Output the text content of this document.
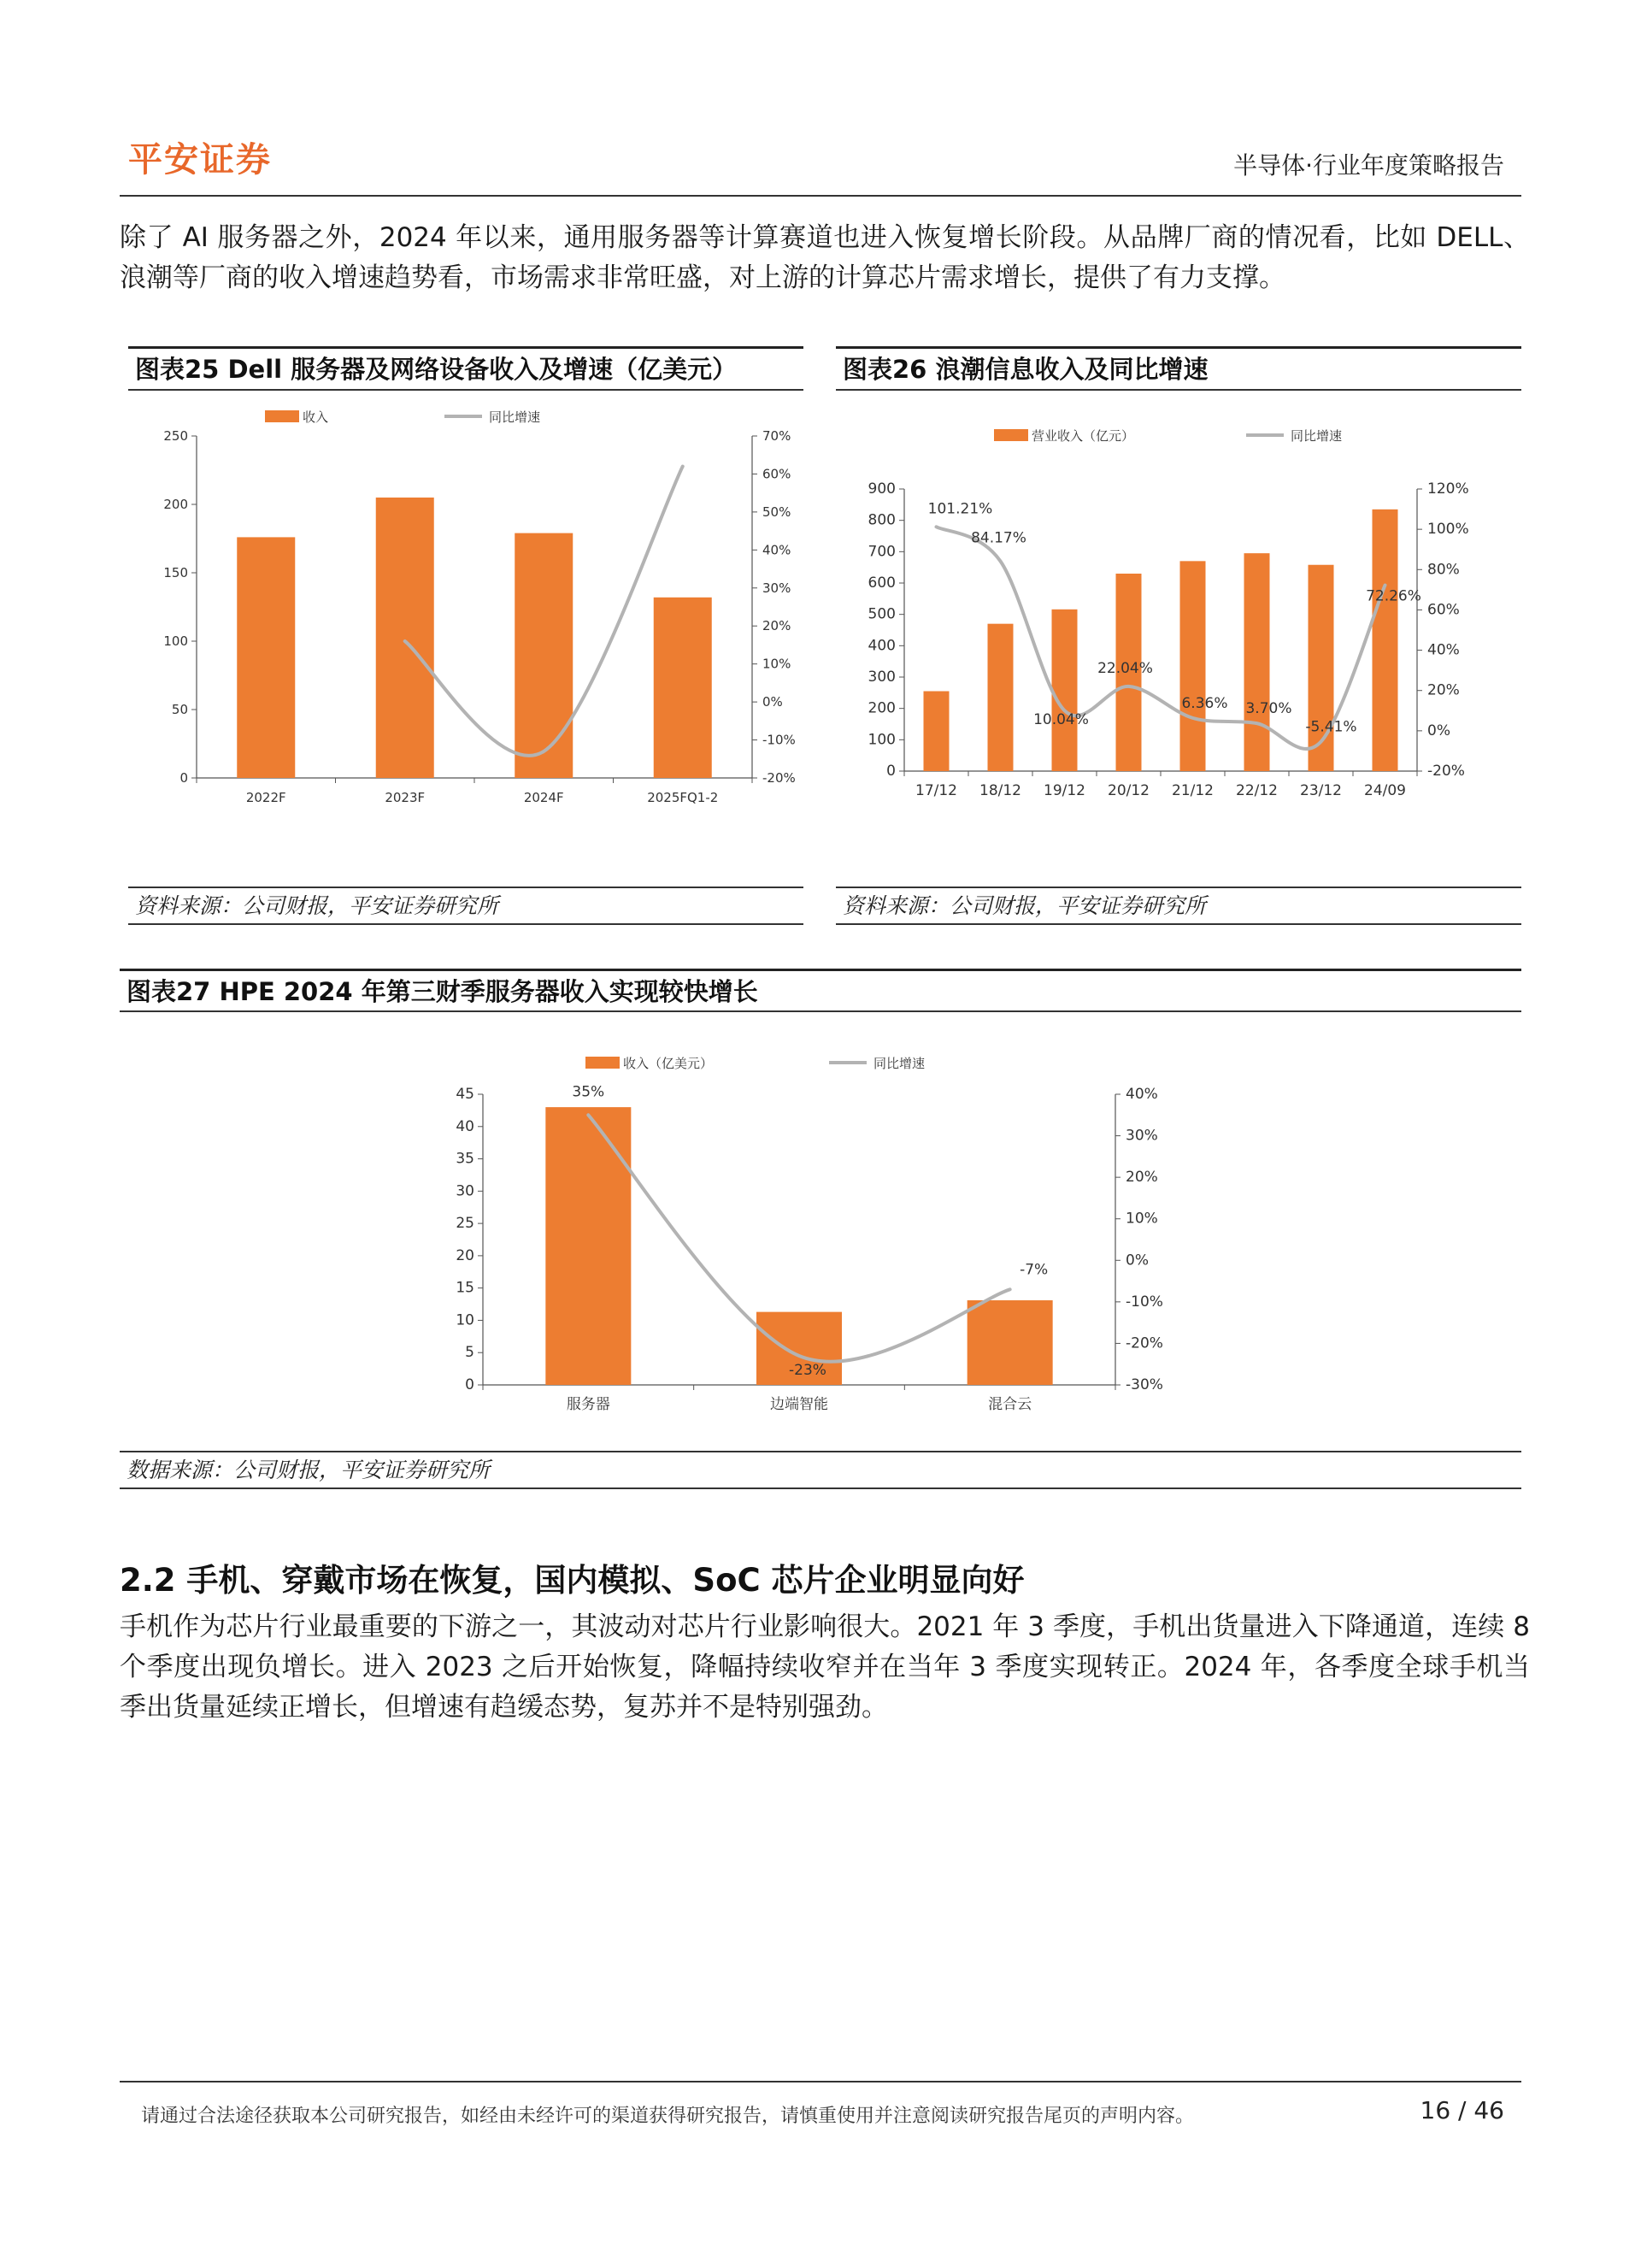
平安证券	半导体·行业年度策略报告
除了 AI 服务器之外，2024 年以来，通用服务器等计算赛道也进入恢复增长阶段。从品牌厂商的情况看，比如 DELL、浪潮等厂商的收入增速趋势看，市场需求非常旺盛，对上游的计算芯片需求增长，提供了有力支撑。
图表25 Dell 服务器及网络设备收入及增速（亿美元）
0
50
100
150
200
250
-20%
-10%
0%
10%
20%
30%
40%
50%
60%
70%
2022F	2023F	2024F	2025FQ1-2
收入	同比增速
资料来源：公司财报，平安证券研究所
图表26 浪潮信息收入及同比增速
0
100
200
300
400
500
600
700
800
900
-20%
0%
20%
40%
60%
80%
100%
120%
17/12 18/12 19/12 20/12 21/12 22/12 23/12 24/09
101.21%
84.17%
10.04%
22.04%
6.36% 3.70%
-5.41%
72.26%
营业收入（亿元）	同比增速
资料来源：公司财报，平安证券研究所
图表27 HPE 2024 年第三财季服务器收入实现较快增长
0
5
10
15
20
25
30
35
40
45
-30%
-20%
-10%
0%
10%
20%
30%
40%
服务器	边端智能	混合云
35%
-23%
-7%
收入（亿美元）	同比增速
数据来源：公司财报，平安证券研究所
2.2 手机、穿戴市场在恢复，国内模拟、SoC 芯片企业明显向好
手机作为芯片行业最重要的下游之一，其波动对芯片行业影响很大。2021 年 3 季度，手机出货量进入下降通道，连续 8 个季度出现负增长。进入 2023 之后开始恢复，降幅持续收窄并在当年 3 季度实现转正。2024 年，各季度全球手机当季出货量延续正增长，但增速有趋缓态势，复苏并不是特别强劲。
请通过合法途径获取本公司研究报告，如经由未经许可的渠道获得研究报告，请慎重使用并注意阅读研究报告尾页的声明内容。	16 / 46
